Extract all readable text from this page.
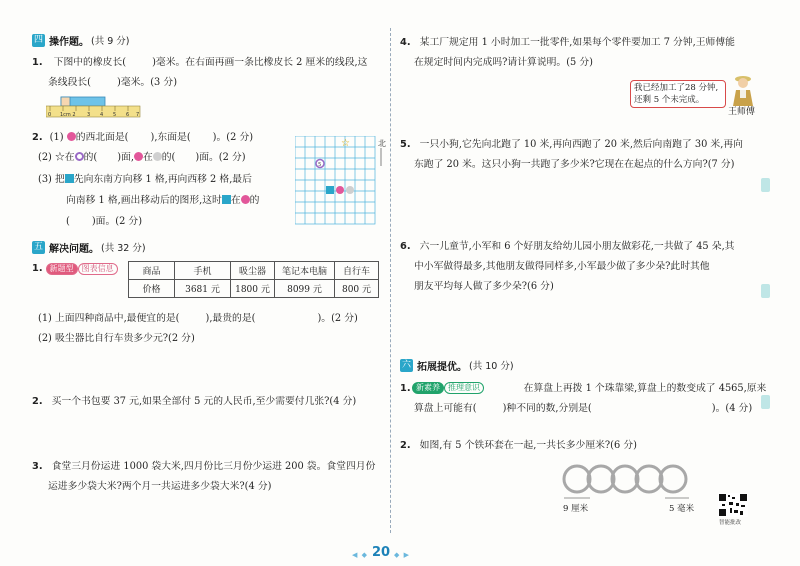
四 操作题。 (共 9 分)
1. 下图中的橡皮长(	)毫米。在右面再画一条比橡皮长 2 厘米的线段,这
条线段长(	)毫米。(3 分)
0 1cm 2 3 4 5 6 7
2. (1) 的西北面是( ),东面是( )。(2 分)
(2) ☆在 的( )面, 在 的( )面。(2 分)
(3) 把 先向东南方向移 1 格,再向西移 2 格,最后
向南移 1 格,画出移动后的图形,这时 在 的
( )面。(2 分)
☆
5
北
五 解决问题。 (共 32 分)
1. 新题型 图表信息	商品	手机	吸尘器	笔记本电脑	自行车
价格	3681 元	1800 元	8099 元	800 元
(1) 上面四种商品中,最便宜的是(	),最贵的是(	)。(2 分)
(2) 吸尘器比自行车贵多少元?(2 分)
2. 买一个书包要 37 元,如果全部付 5 元的人民币,至少需要付几张?(4 分)
3. 食堂三月份运进 1000 袋大米,四月份比三月份少运进 200 袋。食堂四月份
运进多少袋大米?两个月一共运进多少袋大米?(4 分)
4. 某工厂规定用 1 小时加工一批零件,如果每个零件要加工 7 分钟,王师傅能
在规定时间内完成吗?请计算说明。(5 分)
我已经加工了28 分钟,
还剩 5 个未完成。
王师傅
5. 一只小狗,它先向北跑了 10 米,再向西跑了 20 米,然后向南跑了 30 米,再向
东跑了 20 米。这只小狗一共跑了多少米?它现在在起点的什么方向?(7 分)
6. 六一儿童节,小军和 6 个好朋友给幼儿园小朋友做彩花,一共做了 45 朵,其
中小军做得最多,其他朋友做得同样多,小军最少做了多少朵?此时其他
朋友平均每人做了多少朵?(6 分)
六 拓展提优。 (共 10 分)
1.	在算盘上再拨 1 个珠靠梁,算盘上的数变成了 4565,原来
新素养 推理意识
算盘上可能有(	)种不同的数,分别是(	)。(4 分)
2. 如图,有 5 个铁环套在一起,一共长多少厘米?(6 分)
9 厘米	5 毫米
智能批改
◀ ◆ 20 ◆ ▶
